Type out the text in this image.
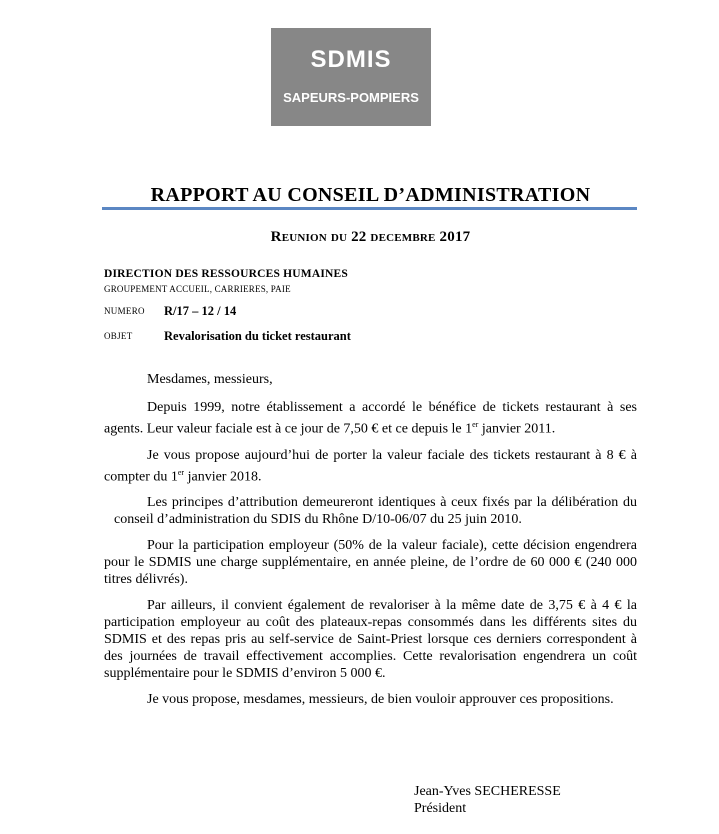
SDMIS
SAPEURS-POMPIERS
RAPPORT AU CONSEIL D’ADMINISTRATION
Reunion du 22 decembre 2017
DIRECTION DES RESSOURCES HUMAINES
GROUPEMENT ACCUEIL, CARRIERES, PAIE
NUMERO R/17 – 12 / 14
OBJET	Revalorisation du ticket restaurant

Mesdames, messieurs,

Depuis 1999, notre établissement a accordé le bénéfice de tickets restaurant à ses agents. Leur valeur faciale est à ce jour de 7,50 € et ce depuis le 1er janvier 2011.

Je vous propose aujourd’hui de porter la valeur faciale des tickets restaurant à 8 € à compter du 1er janvier 2018.

Les principes d’attribution demeureront identiques à ceux fixés par la délibération du conseil d’administration du SDIS du Rhône D/10-06/07 du 25 juin 2010.

Pour la participation employeur (50% de la valeur faciale), cette décision engendrera pour le SDMIS une charge supplémentaire, en année pleine, de l’ordre de 60 000 € (240 000 titres délivrés).

Par ailleurs, il convient également de revaloriser à la même date de 3,75 € à 4 € la participation employeur au coût des plateaux-repas consommés dans les différents sites du SDMIS et des repas pris au self-service de Saint-Priest lorsque ces derniers correspondent à des journées de travail effectivement accomplies. Cette revalorisation engendrera un coût supplémentaire pour le SDMIS d’environ 5 000 €.

Je vous propose, mesdames, messieurs, de bien vouloir approuver ces propositions.

Jean-Yves SECHERESSE
Président
